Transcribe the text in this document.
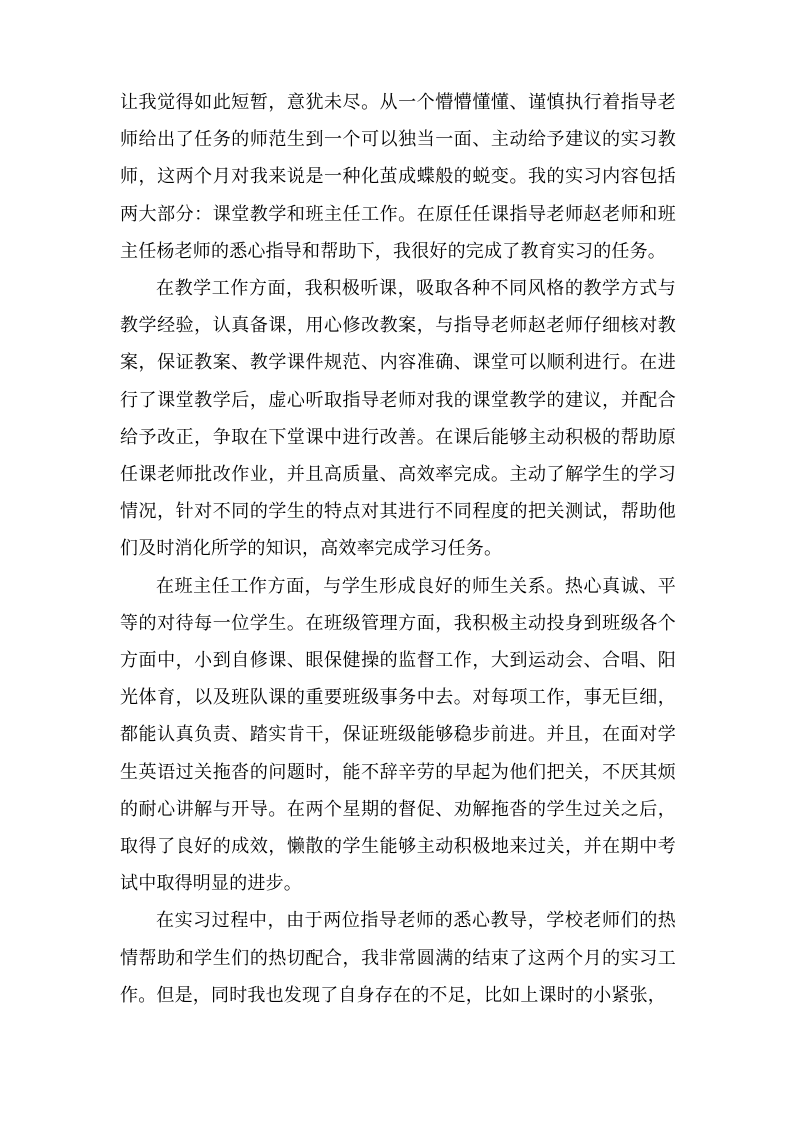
让我觉得如此短暂，意犹未尽。从一个懵懵懂懂、谨慎执行着指导老师给出了任务的师范生到一个可以独当一面、主动给予建议的实习教师，这两个月对我来说是一种化茧成蝶般的蜕变。我的实习内容包括两大部分：课堂教学和班主任工作。在原任任课指导老师赵老师和班主任杨老师的悉心指导和帮助下，我很好的完成了教育实习的任务。

在教学工作方面，我积极听课，吸取各种不同风格的教学方式与教学经验，认真备课，用心修改教案，与指导老师赵老师仔细核对教案，保证教案、教学课件规范、内容准确、课堂可以顺利进行。在进行了课堂教学后，虚心听取指导老师对我的课堂教学的建议，并配合给予改正，争取在下堂课中进行改善。在课后能够主动积极的帮助原任课老师批改作业，并且高质量、高效率完成。主动了解学生的学习情况，针对不同的学生的特点对其进行不同程度的把关测试，帮助他们及时消化所学的知识，高效率完成学习任务。

在班主任工作方面，与学生形成良好的师生关系。热心真诚、平等的对待每一位学生。在班级管理方面，我积极主动投身到班级各个方面中，小到自修课、眼保健操的监督工作，大到运动会、合唱、阳光体育，以及班队课的重要班级事务中去。对每项工作，事无巨细，都能认真负责、踏实肯干，保证班级能够稳步前进。并且，在面对学生英语过关拖沓的问题时，能不辞辛劳的早起为他们把关，不厌其烦的耐心讲解与开导。在两个星期的督促、劝解拖沓的学生过关之后，取得了良好的成效，懒散的学生能够主动积极地来过关，并在期中考试中取得明显的进步。

在实习过程中，由于两位指导老师的悉心教导，学校老师们的热情帮助和学生们的热切配合，我非常圆满的结束了这两个月的实习工作。但是，同时我也发现了自身存在的不足，比如上课时的小紧张，
